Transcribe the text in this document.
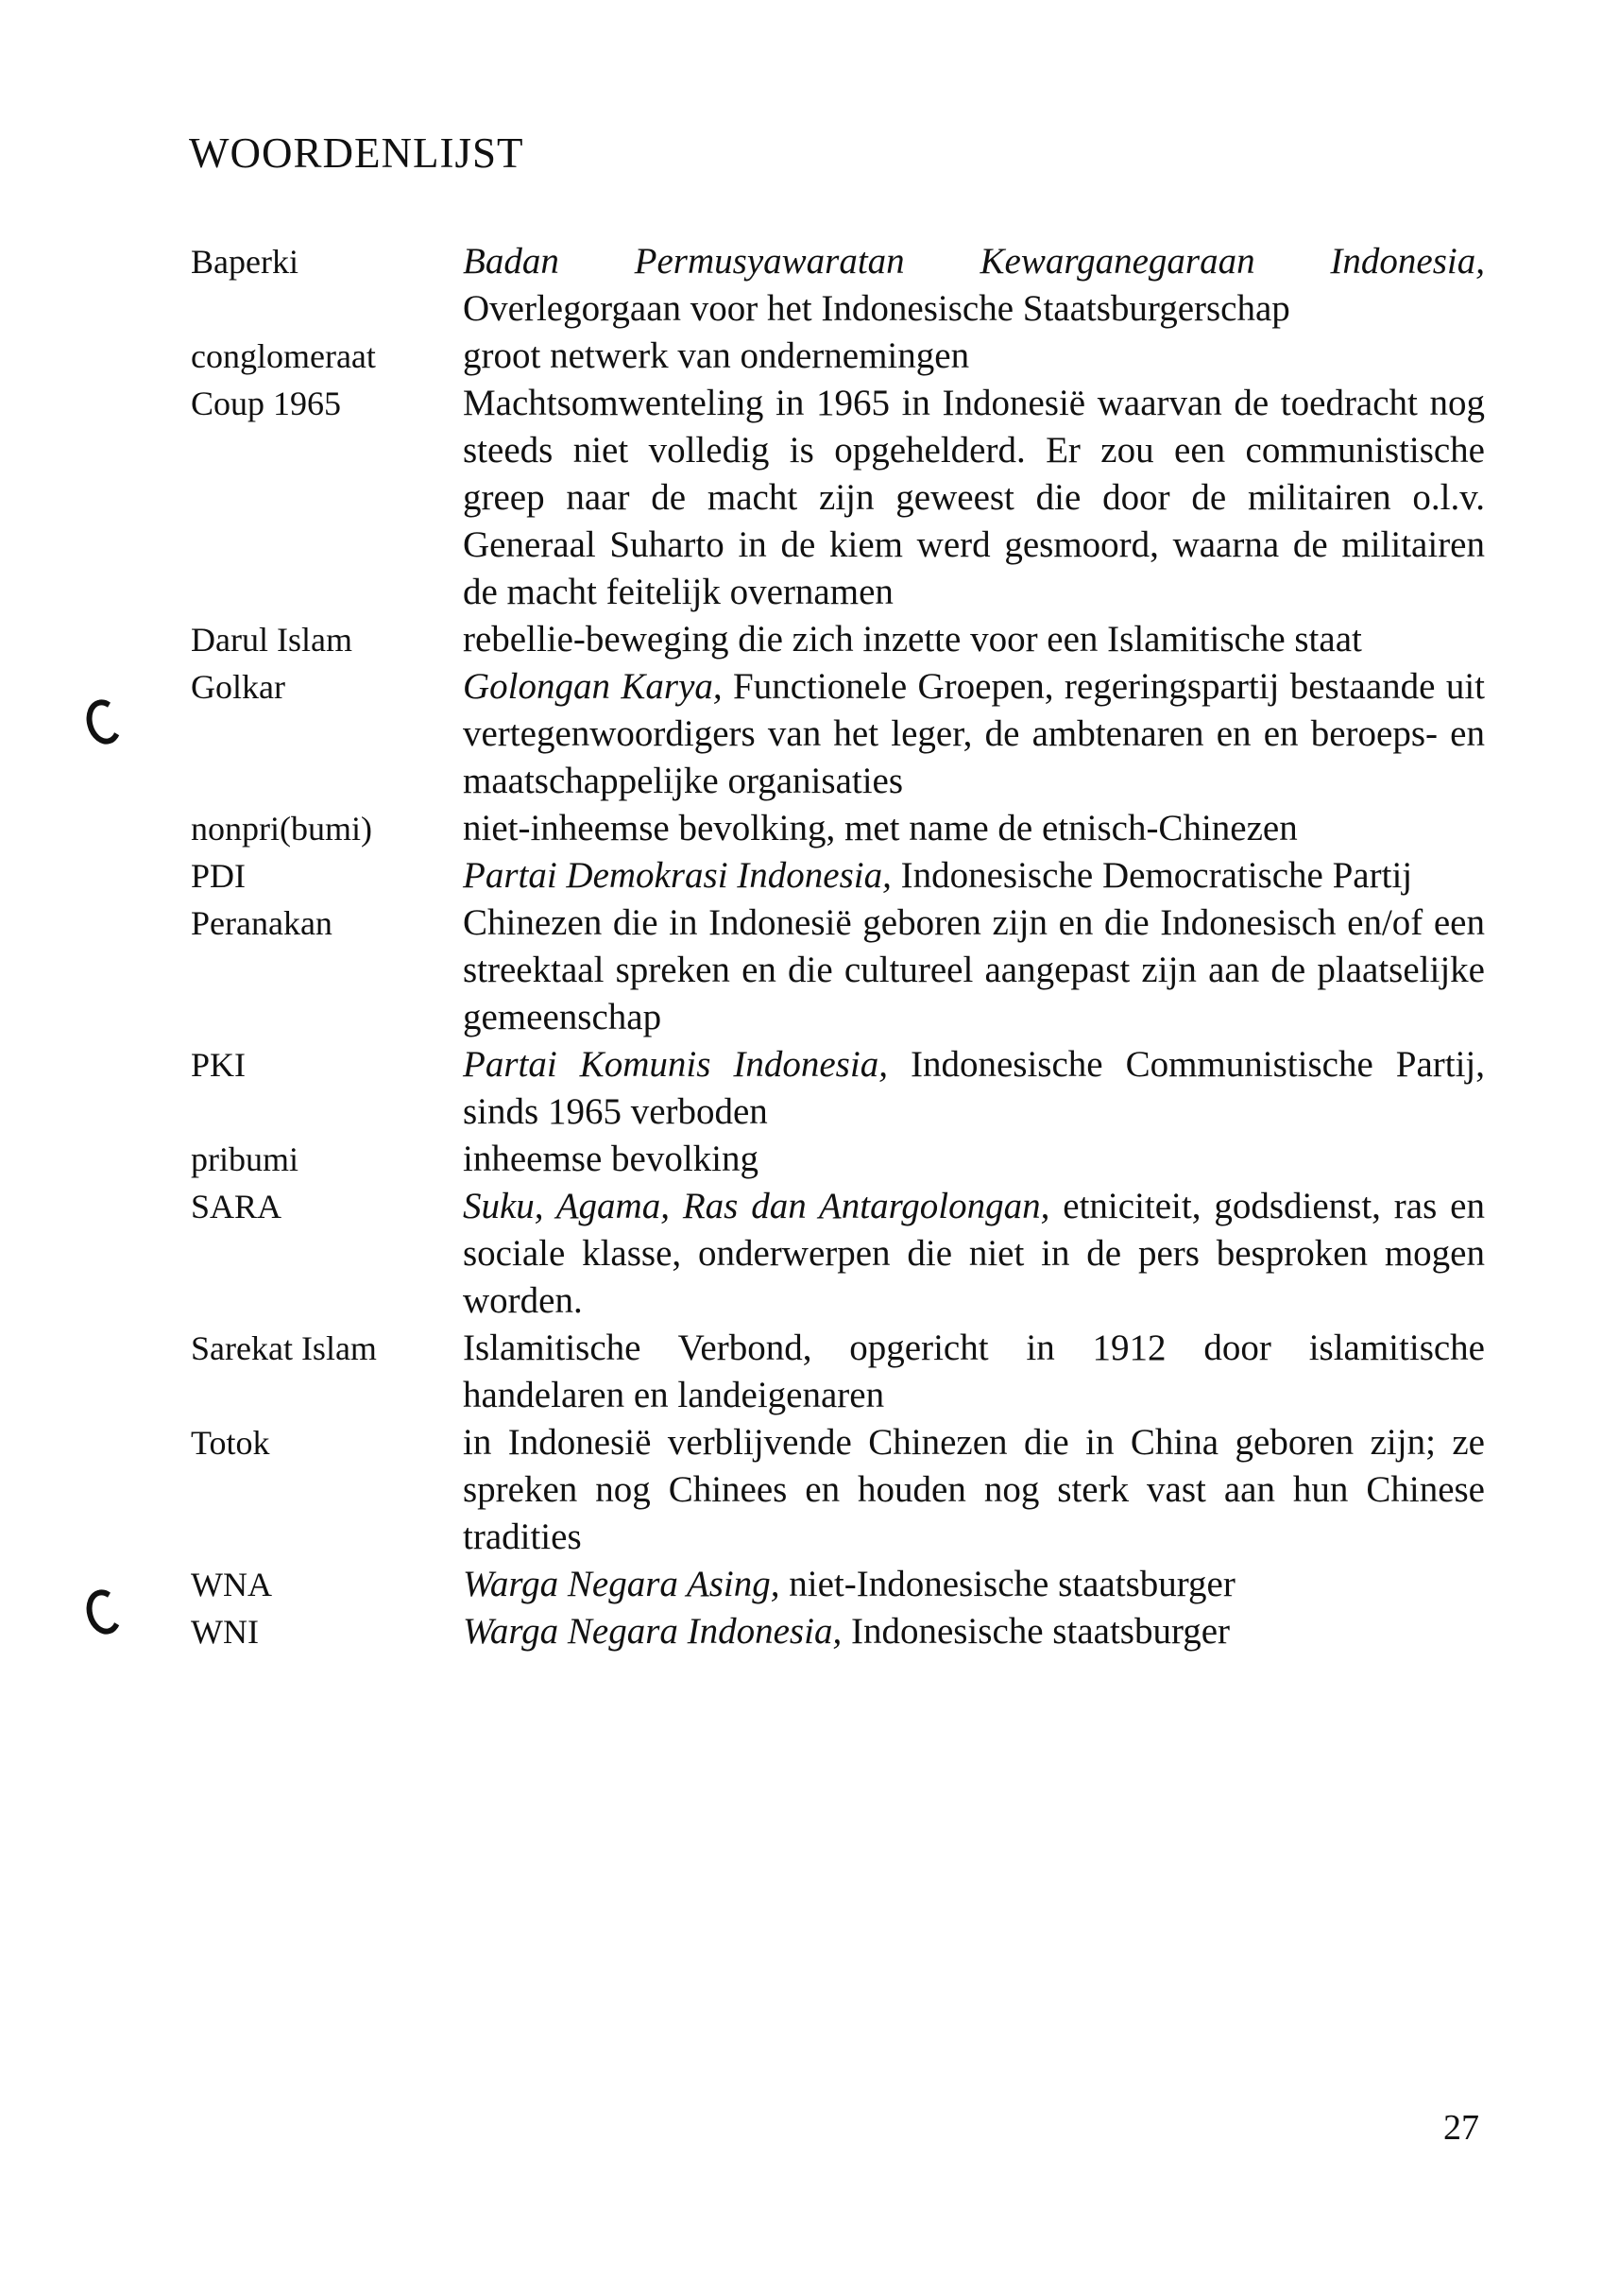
WOORDENLIJST
Baperki	Badan Permusyawaratan Kewarganegaraan Indonesia, Overlegorgaan voor het Indonesische Staatsburgerschap
conglomeraat	groot netwerk van ondernemingen
Coup 1965	Machtsomwenteling in 1965 in Indonesië waarvan de toedracht nog steeds niet volledig is opgehelderd. Er zou een communistische greep naar de macht zijn geweest die door de militairen o.l.v. Generaal Suharto in de kiem werd gesmoord, waarna de militairen de macht feitelijk overnamen
Darul Islam	rebellie-beweging die zich inzette voor een Islamitische staat
Golkar	Golongan Karya, Functionele Groepen, regeringspartij bestaande uit vertegenwoordigers van het leger, de ambtenaren en en beroeps- en maatschappelijke organisaties
nonpri(bumi)	niet-inheemse bevolking, met name de etnisch-Chinezen
PDI	Partai Demokrasi Indonesia, Indonesische Democratische Partij
Peranakan	Chinezen die in Indonesië geboren zijn en die Indonesisch en/of een streektaal spreken en die cultureel aangepast zijn aan de plaatselijke gemeenschap
PKI	Partai Komunis Indonesia, Indonesische Communistische Partij, sinds 1965 verboden
pribumi	inheemse bevolking
SARA	Suku, Agama, Ras dan Antargolongan, etniciteit, godsdienst, ras en sociale klasse, onderwerpen die niet in de pers besproken mogen worden.
Sarekat Islam	Islamitische Verbond, opgericht in 1912 door islamitische handelaren en landeigenaren
Totok	in Indonesië verblijvende Chinezen die in China geboren zijn; ze spreken nog Chinees en houden nog sterk vast aan hun Chinese tradities
WNA	Warga Negara Asing, niet-Indonesische staatsburger
WNI	Warga Negara Indonesia, Indonesische staatsburger
27
